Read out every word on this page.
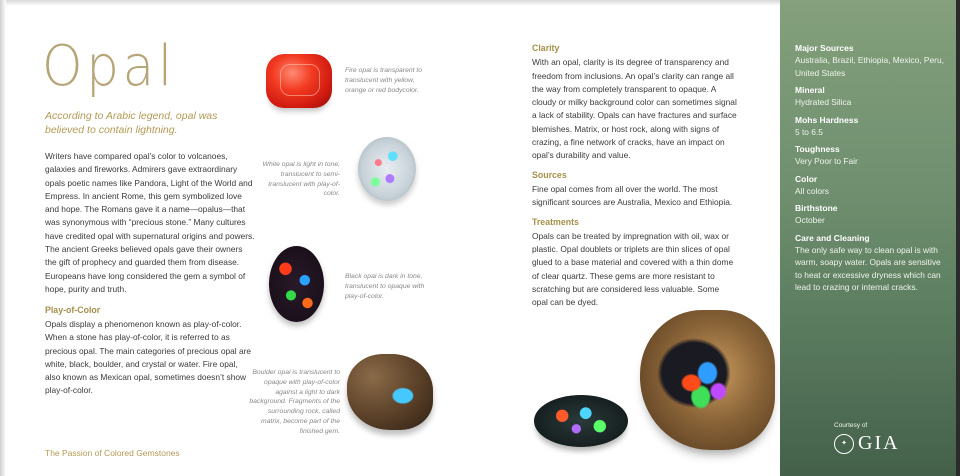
Opal
According to Arabic legend, opal was believed to contain lightning.
Writers have compared opal’s color to volcanoes, galaxies and fireworks. Admirers gave extraordinary opals poetic names like Pandora, Light of the World and Empress. In ancient Rome, this gem symbolized love and hope. The Romans gave it a name—opalus—that was synonymous with “precious stone.” Many cultures have credited opal with supernatural origins and powers. The ancient Greeks believed opals gave their owners the gift of prophecy and guarded them from disease. Europeans have long considered the gem a symbol of hope, purity and truth.
Play-of-Color
Opals display a phenomenon known as play-of-color. When a stone has play-of-color, it is referred to as precious opal. The main categories of precious opal are white, black, boulder, and crystal or water. Fire opal, also known as Mexican opal, sometimes doesn’t show play-of-color.
The Passion of Colored Gemstones
Fire opal is transparent to translucent with yellow, orange or red bodycolor.
White opal is light in tone, translucent to semi-translucent with play-of-color.
Black opal is dark in tone, translucent to opaque with play-of-color.
Boulder opal is translucent to opaque with play-of-color against a light to dark background. Fragments of the surrounding rock, called matrix, become part of the finished gem.
Clarity
With an opal, clarity is its degree of transparency and freedom from inclusions. An opal’s clarity can range all the way from completely transparent to opaque. A cloudy or milky background color can sometimes signal a lack of stability. Opals can have fractures and surface blemishes. Matrix, or host rock, along with signs of crazing, a fine network of cracks, have an impact on opal’s durability and value.
Sources
Fine opal comes from all over the world. The most significant sources are Australia, Mexico and Ethiopia.
Treatments
Opals can be treated by impregnation with oil, wax or plastic. Opal doublets or triplets are thin slices of opal glued to a base material and covered with a thin dome of clear quartz. These gems are more resistant to scratching but are considered less valuable. Some opal can be dyed.
Major Sources
Australia, Brazil, Ethiopia, Mexico, Peru, United States
Mineral
Hydrated Silica
Mohs Hardness
5 to 6.5
Toughness
Very Poor to Fair
Color
All colors
Birthstone
October
Care and Cleaning
The only safe way to clean opal is with warm, soapy water. Opals are sensitive to heat or excessive dryness which can lead to crazing or internal cracks.
Courtesy of
✦ GIA
